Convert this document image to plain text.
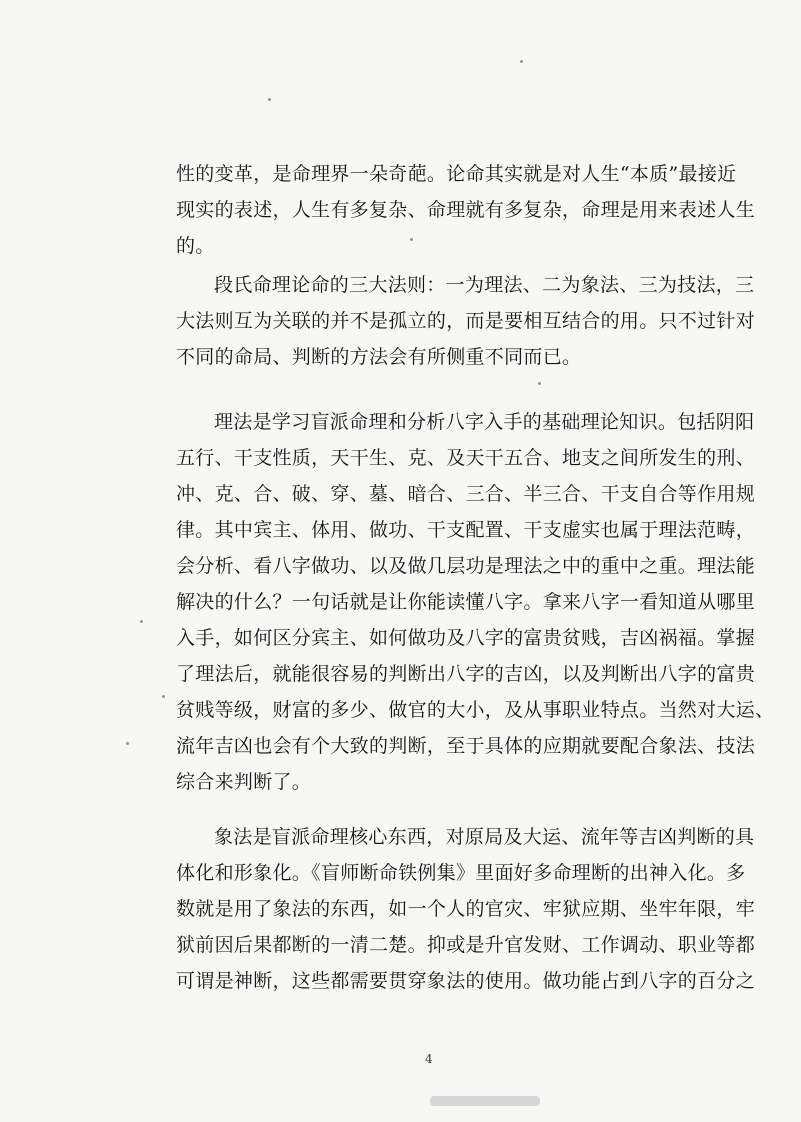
性的变革，是命理界一朵奇葩。论命其实就是对人生“本质”最接近
现实的表述，人生有多复杂、命理就有多复杂，命理是用来表述人生
的。
段氏命理论命的三大法则：一为理法、二为象法、三为技法，三
大法则互为关联的并不是孤立的，而是要相互结合的用。只不过针对
不同的命局、判断的方法会有所侧重不同而已。
理法是学习盲派命理和分析八字入手的基础理论知识。包括阴阳
五行、干支性质，天干生、克、及天干五合、地支之间所发生的刑、
冲、克、合、破、穿、墓、暗合、三合、半三合、干支自合等作用规
律。其中宾主、体用、做功、干支配置、干支虚实也属于理法范畴，
会分析、看八字做功、以及做几层功是理法之中的重中之重。理法能
解决的什么？一句话就是让你能读懂八字。拿来八字一看知道从哪里
入手，如何区分宾主、如何做功及八字的富贵贫贱，吉凶祸福。掌握
了理法后，就能很容易的判断出八字的吉凶，以及判断出八字的富贵
贫贱等级，财富的多少、做官的大小，及从事职业特点。当然对大运、
流年吉凶也会有个大致的判断，至于具体的应期就要配合象法、技法
综合来判断了。
象法是盲派命理核心东西，对原局及大运、流年等吉凶判断的具
体化和形象化。《盲师断命铁例集》里面好多命理断的出神入化。多
数就是用了象法的东西，如一个人的官灾、牢狱应期、坐牢年限，牢
狱前因后果都断的一清二楚。抑或是升官发财、工作调动、职业等都
可谓是神断，这些都需要贯穿象法的使用。做功能占到八字的百分之
4
